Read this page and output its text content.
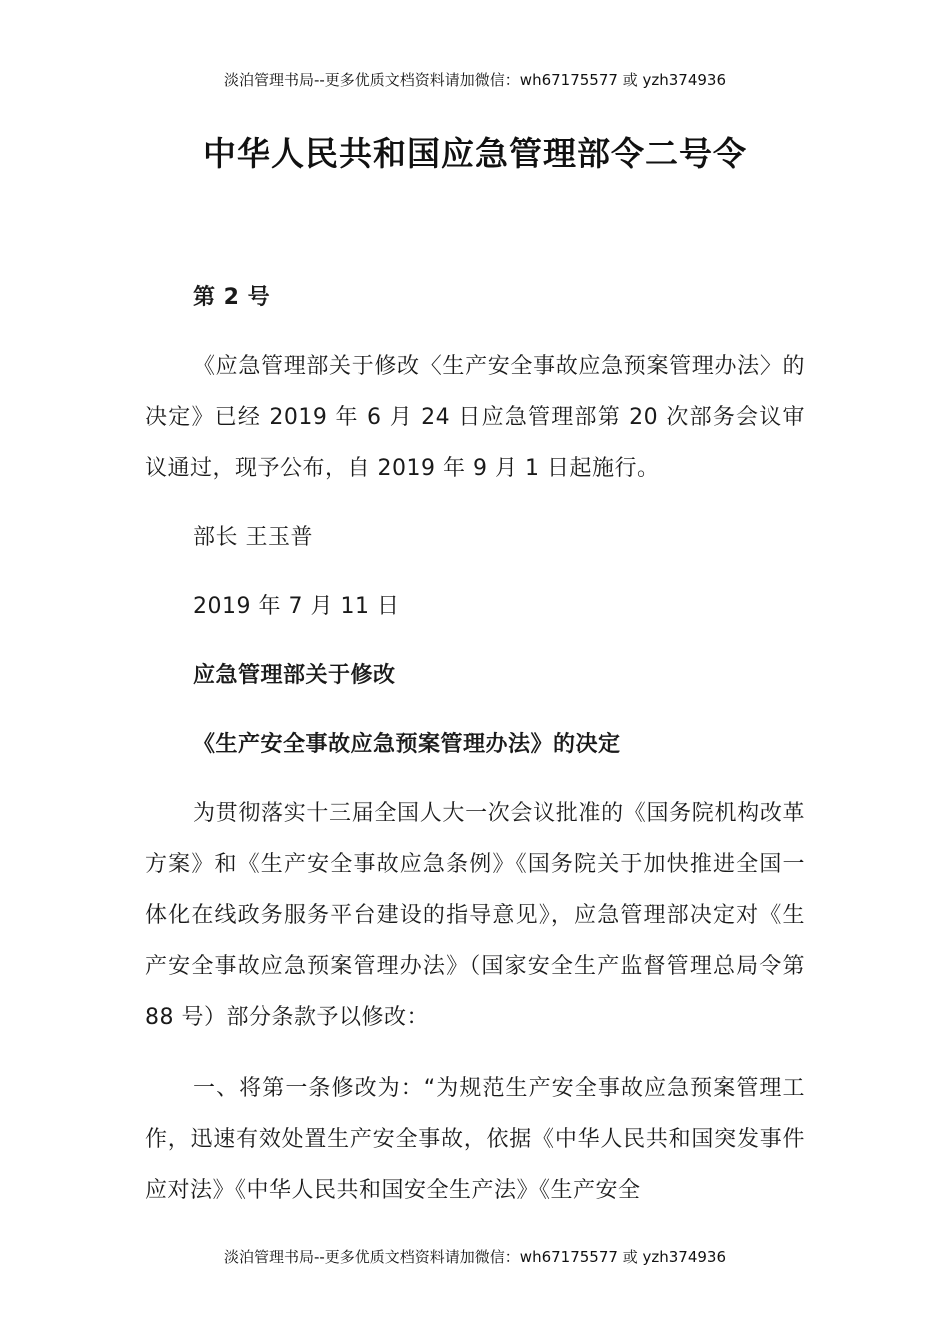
淡泊管理书局--更多优质文档资料请加微信：wh67175577 或 yzh374936
中华人民共和国应急管理部令二号令

第 2 号

《应急管理部关于修改〈生产安全事故应急预案管理办法〉的决定》已经 2019 年 6 月 24 日应急管理部第 20 次部务会议审议通过，现予公布，自 2019 年 9 月 1 日起施行。

部长 王玉普

2019 年 7 月 11 日

应急管理部关于修改

《生产安全事故应急预案管理办法》的决定

为贯彻落实十三届全国人大一次会议批准的《国务院机构改革方案》和《生产安全事故应急条例》《国务院关于加快推进全国一体化在线政务服务平台建设的指导意见》，应急管理部决定对《生产安全事故应急预案管理办法》（国家安全生产监督管理总局令第 88 号）部分条款予以修改：

一、将第一条修改为：“为规范生产安全事故应急预案管理工作，迅速有效处置生产安全事故，依据《中华人民共和国突发事件应对法》《中华人民共和国安全生产法》《生产安全

淡泊管理书局--更多优质文档资料请加微信：wh67175577 或 yzh374936
